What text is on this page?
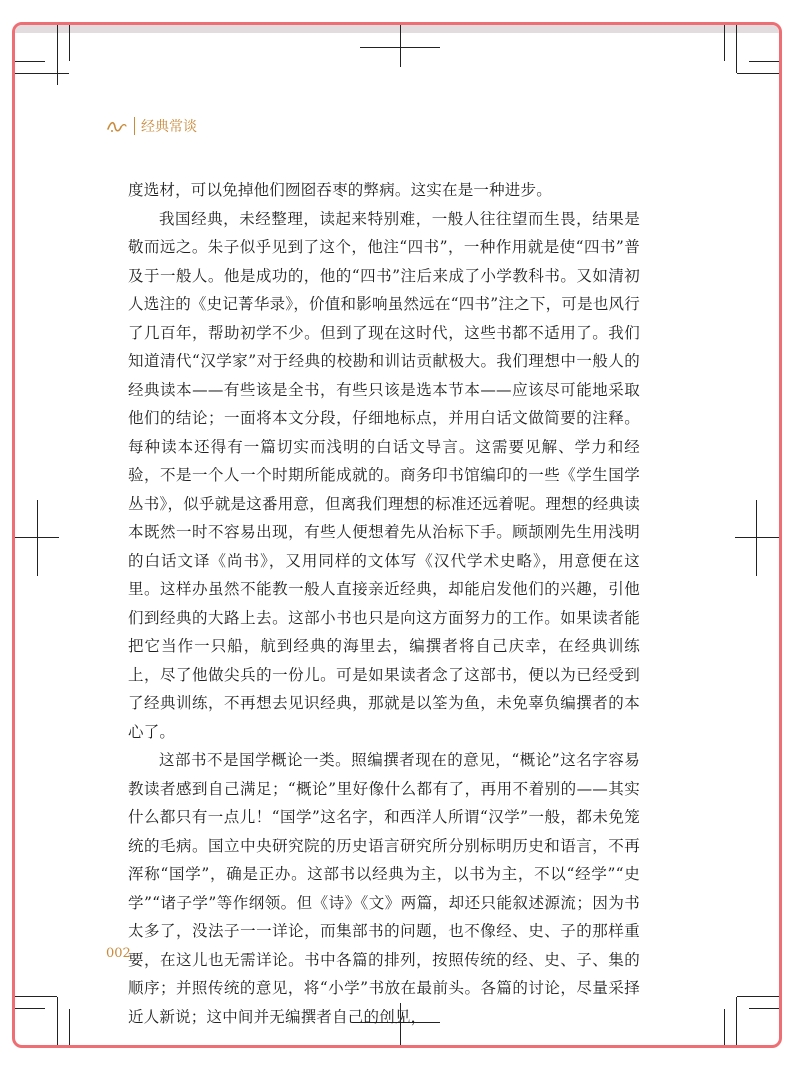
经典常谈

度选材，可以免掉他们囫囵吞枣的弊病。这实在是一种进步。

我国经典，未经整理，读起来特别难，一般人往往望而生畏，结果是敬而远之。朱子似乎见到了这个，他注“四书”，一种作用就是使“四书”普及于一般人。他是成功的，他的“四书”注后来成了小学教科书。又如清初人选注的《史记菁华录》，价值和影响虽然远在“四书”注之下，可是也风行了几百年，帮助初学不少。但到了现在这时代，这些书都不适用了。我们知道清代“汉学家”对于经典的校勘和训诂贡献极大。我们理想中一般人的经典读本——有些该是全书，有些只该是选本节本——应该尽可能地采取他们的结论；一面将本文分段，仔细地标点，并用白话文做简要的注释。每种读本还得有一篇切实而浅明的白话文导言。这需要见解、学力和经验，不是一个人一个时期所能成就的。商务印书馆编印的一些《学生国学丛书》，似乎就是这番用意，但离我们理想的标准还远着呢。理想的经典读本既然一时不容易出现，有些人便想着先从治标下手。顾颉刚先生用浅明的白话文译《尚书》，又用同样的文体写《汉代学术史略》，用意便在这里。这样办虽然不能教一般人直接亲近经典，却能启发他们的兴趣，引他们到经典的大路上去。这部小书也只是向这方面努力的工作。如果读者能把它当作一只船，航到经典的海里去，编撰者将自己庆幸，在经典训练上，尽了他做尖兵的一份儿。可是如果读者念了这部书，便以为已经受到了经典训练，不再想去见识经典，那就是以筌为鱼，未免辜负编撰者的本心了。

这部书不是国学概论一类。照编撰者现在的意见，“概论”这名字容易教读者感到自己满足；“概论”里好像什么都有了，再用不着别的——其实什么都只有一点儿！“国学”这名字，和西洋人所谓“汉学”一般，都未免笼统的毛病。国立中央研究院的历史语言研究所分别标明历史和语言，不再浑称“国学”，确是正办。这部书以经典为主，以书为主，不以“经学”“史学”“诸子学”等作纲领。但《诗》《文》两篇，却还只能叙述源流；因为书太多了，没法子一一详论，而集部书的问题，也不像经、史、子的那样重要，在这儿也无需详论。书中各篇的排列，按照传统的经、史、子、集的顺序；并照传统的意见，将“小学”书放在最前头。各篇的讨论，尽量采择近人新说；这中间并无编撰者自己的创见，

002
